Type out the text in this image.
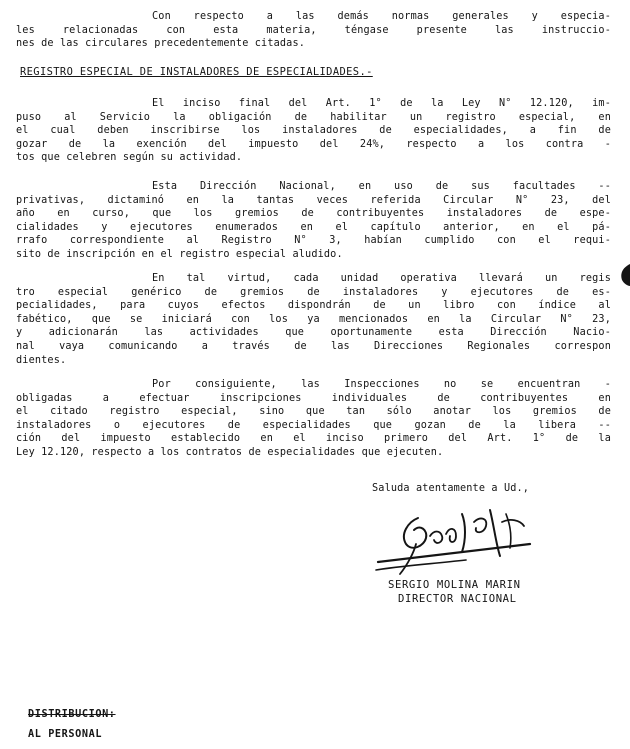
Con respecto a las demás normas generales y especia-
les relacionadas con esta materia, téngase presente las instruccio-
nes de las circulares precedentemente citadas.
REGISTRO ESPECIAL DE INSTALADORES DE ESPECIALIDADES.-
El inciso final del Art. 1° de la Ley N° 12.120, im-
puso al Servicio la obligación de habilitar un registro especial, en
el cual deben inscribirse los instaladores de especialidades, a fin de
gozar de la exención del impuesto del 24%, respecto a los contra -
tos que celebren según su actividad.
Esta Dirección Nacional, en uso de sus facultades --
privativas, dictaminó en la tantas veces referida Circular N° 23, del
año en curso, que los gremios de contribuyentes instaladores de espe-
cialidades y ejecutores enumerados en el capítulo anterior, en el pá-
rrafo correspondiente al Registro N° 3, habían cumplido con el requi-
sito de inscripción en el registro especial aludido.
En tal virtud, cada unidad operativa llevará un regis
tro especial genérico de gremios de instaladores y ejecutores de es-
pecialidades, para cuyos efectos dispondrán de un libro con índice al
fabético, que se iniciará con los ya mencionados en la Circular N° 23,
y adicionarán las actividades que oportunamente esta Dirección Nacio-
nal vaya comunicando a través de las Direcciones Regionales correspon
dientes.
Por consiguiente, las Inspecciones no se encuentran -
obligadas a efectuar inscripciones individuales de contribuyentes en
el citado registro especial, sino que tan sólo anotar los gremios de
instaladores o ejecutores de especialidades que gozan de la libera --
ción del impuesto establecido en el inciso primero del Art. 1° de la
Ley 12.120, respecto a los contratos de especialidades que ejecuten.
Saluda atentamente a Ud.,
SERGIO MOLINA MARIN
DIRECTOR NACIONAL
DISTRIBUCION:
AL PERSONAL
